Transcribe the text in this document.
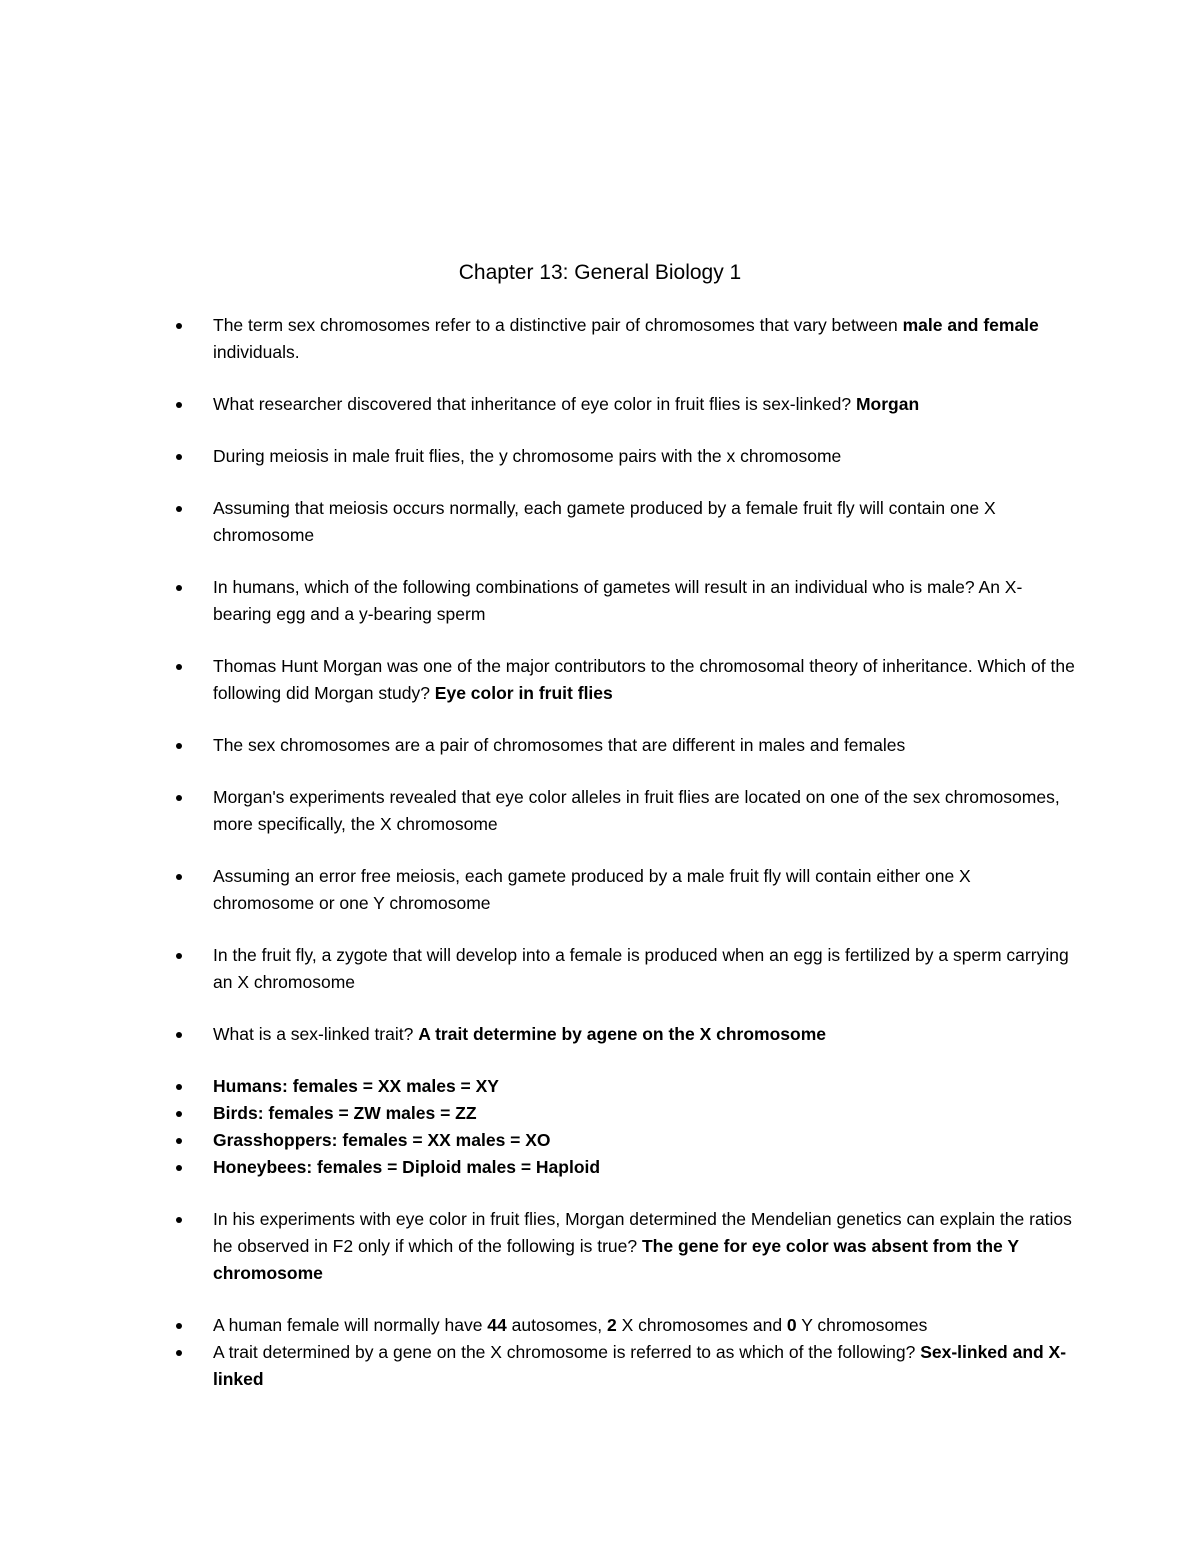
Chapter 13: General Biology 1
The term sex chromosomes refer to a distinctive pair of chromosomes that vary between male and female individuals.
What researcher discovered that inheritance of eye color in fruit flies is sex-linked? Morgan
During meiosis in male fruit flies, the y chromosome pairs with the x chromosome
Assuming that meiosis occurs normally, each gamete produced by a female fruit fly will contain one X chromosome
In humans, which of the following combinations of gametes will result in an individual who is male? An X-bearing egg and a y-bearing sperm
Thomas Hunt Morgan was one of the major contributors to the chromosomal theory of inheritance. Which of the following did Morgan study? Eye color in fruit flies
The sex chromosomes are a pair of chromosomes that are different in males and females
Morgan's experiments revealed that eye color alleles in fruit flies are located on one of the sex chromosomes, more specifically, the X chromosome
Assuming an error free meiosis, each gamete produced by a male fruit fly will contain either one X chromosome or one Y chromosome
In the fruit fly, a zygote that will develop into a female is produced when an egg is fertilized by a sperm carrying an X chromosome
What is a sex-linked trait? A trait determine by agene on the X chromosome
Humans: females = XX males = XY
Birds: females = ZW males = ZZ
Grasshoppers: females = XX males = XO
Honeybees: females = Diploid males = Haploid
In his experiments with eye color in fruit flies, Morgan determined the Mendelian genetics can explain the ratios he observed in F2 only if which of the following is true? The gene for eye color was absent from the Y chromosome
A human female will normally have 44 autosomes, 2 X chromosomes and 0 Y chromosomes
A trait determined by a gene on the X chromosome is referred to as which of the following? Sex-linked and X-linked
